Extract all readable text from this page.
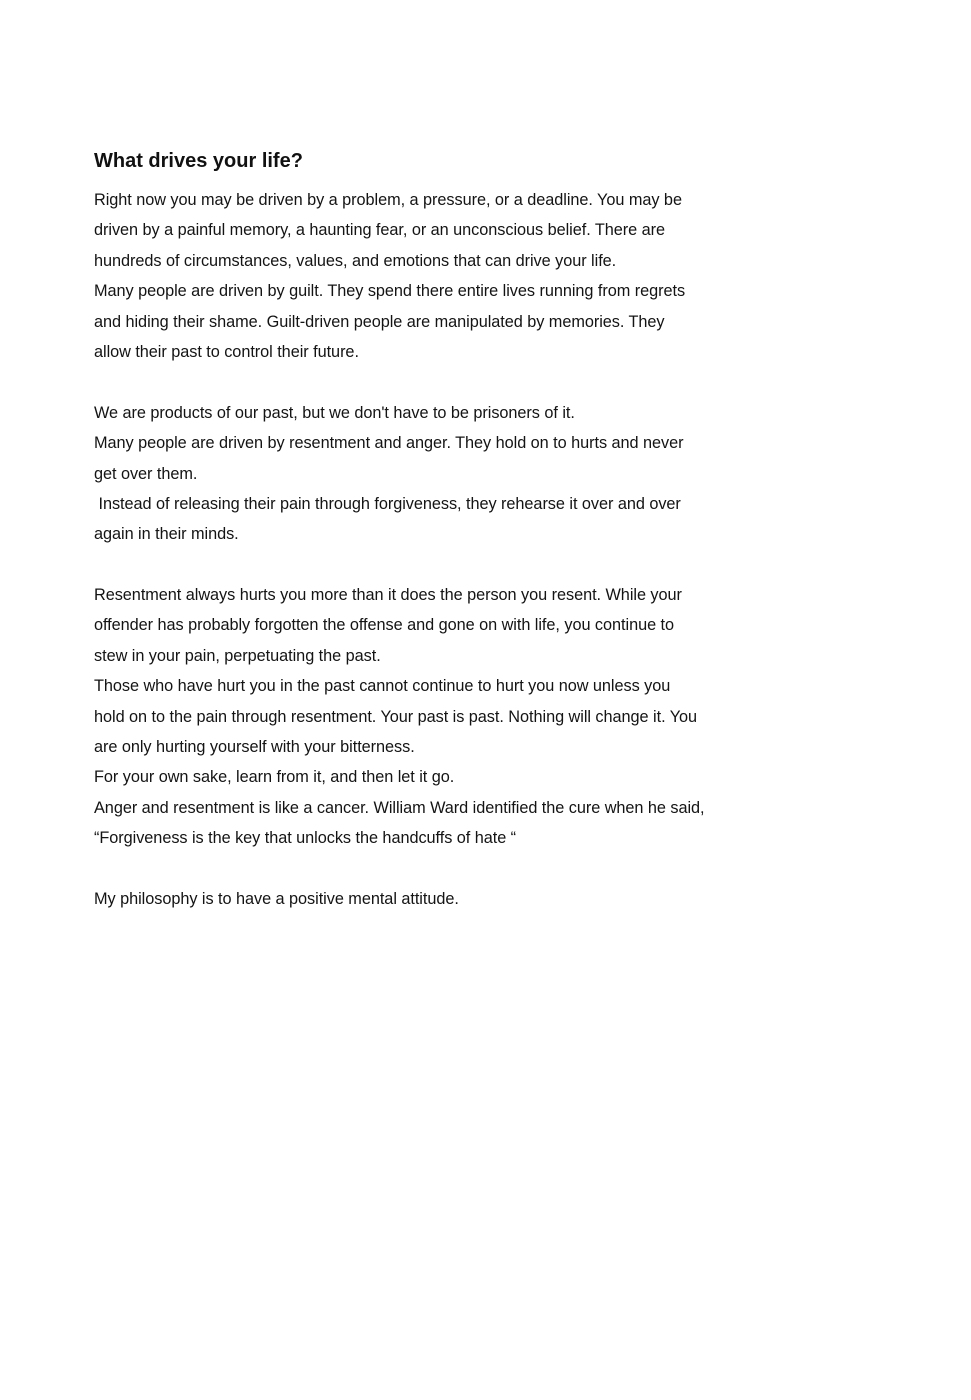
What drives your life?
Right now you may be driven by a problem, a pressure, or a deadline. You may be
driven by a painful memory, a haunting fear, or an unconscious belief. There are
hundreds of circumstances, values, and emotions that can drive your life.
Many people are driven by guilt. They spend there entire lives running from regrets
and hiding their shame. Guilt-driven people are manipulated by memories. They
allow their past to control their future.
We are products of our past, but we don't have to be prisoners of it.
Many people are driven by resentment and anger. They hold on to hurts and never
get over them.
Instead of releasing their pain through forgiveness, they rehearse it over and over
again in their minds.
Resentment always hurts you more than it does the person you resent. While your
offender has probably forgotten the offense and gone on with life, you continue to
stew in your pain, perpetuating the past.
Those who have hurt you in the past cannot continue to hurt you now unless you
hold on to the pain through resentment. Your past is past. Nothing will change it. You
are only hurting yourself with your bitterness.
For your own sake, learn from it, and then let it go.
Anger and resentment is like a cancer. William Ward identified the cure when he said,
“Forgiveness is the key that unlocks the handcuffs of hate “
My philosophy is to have a positive mental attitude.
